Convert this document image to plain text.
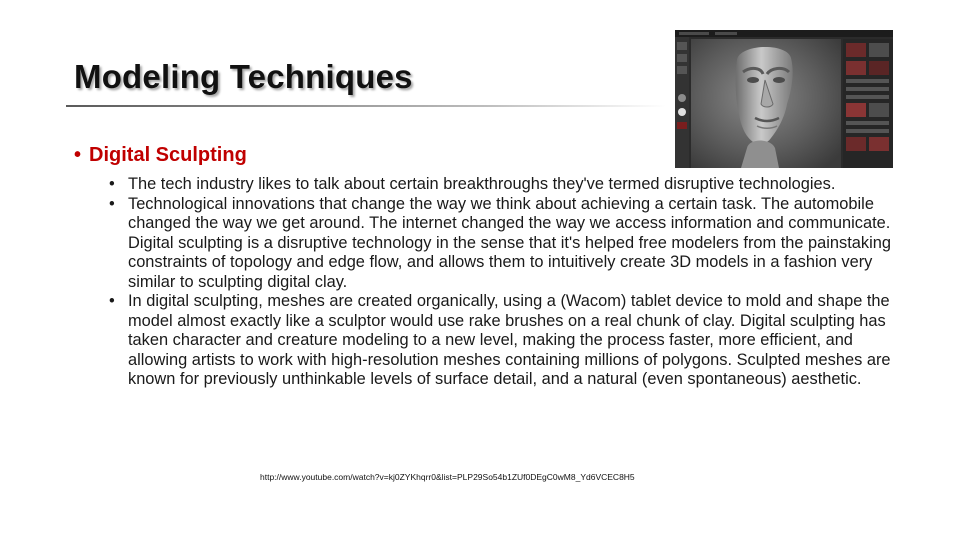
Modeling Techniques
• Digital Sculpting
• The tech industry likes to talk about certain breakthroughs they've termed disruptive technologies.
• Technological innovations that change the way we think about achieving a certain task. The automobile changed the way we get around. The internet changed the way we access information and communicate. Digital sculpting is a disruptive technology in the sense that it's helped free modelers from the painstaking constraints of topology and edge flow, and allows them to intuitively create 3D models in a fashion very similar to sculpting digital clay.
• In digital sculpting, meshes are created organically, using a (Wacom) tablet device to mold and shape the model almost exactly like a sculptor would use rake brushes on a real chunk of clay. Digital sculpting has taken character and creature modeling to a new level, making the process faster, more efficient, and allowing artists to work with high-resolution meshes containing millions of polygons. Sculpted meshes are known for previously unthinkable levels of surface detail, and a natural (even spontaneous) aesthetic.
http://www.youtube.com/watch?v=kj0ZYKhqrr0&list=PLP29So54b1ZUf0DEgC0wM8_Yd6VCEC8H5
